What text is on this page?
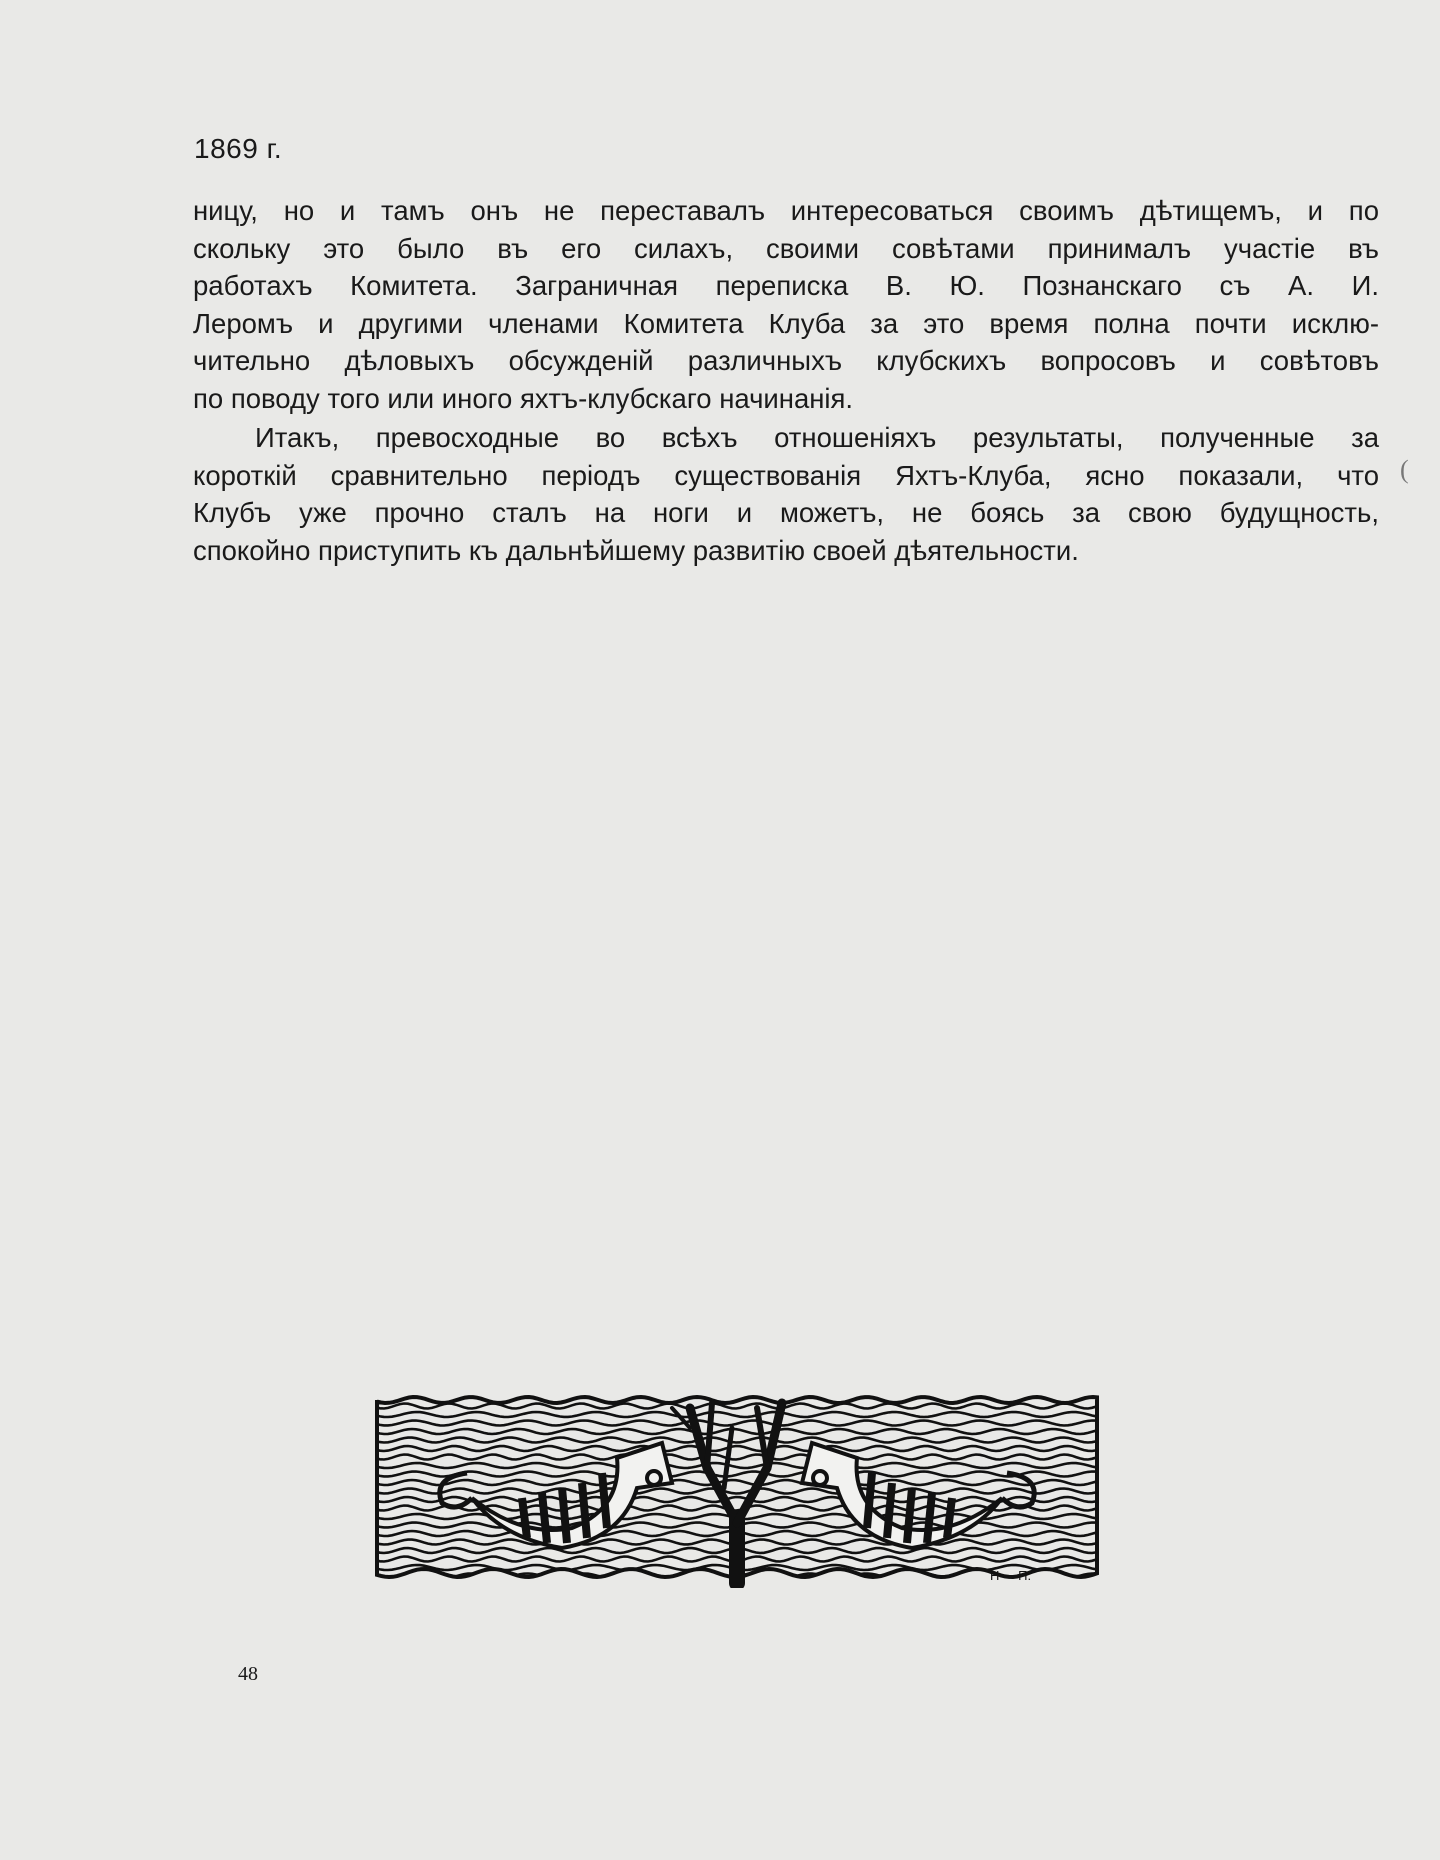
1869 г.
ницу, но и тамъ онъ не переставалъ интересоваться своимъ дѣтищемъ, и по
скольку это было въ его силахъ, своими совѣтами принималъ участіе въ
работахъ Комитета. Заграничная переписка В. Ю. Познанскаго съ А. И.
Леромъ и другими членами Комитета Клуба за это время полна почти исклю-
чительно дѣловыхъ обсужденій различныхъ клубскихъ вопросовъ и совѣтовъ
по поводу того или иного яхтъ-клубскаго начинанія.
Итакъ, превосходные во всѣхъ отношеніяхъ результаты, полученные за
короткій сравнительно періодъ существованія Яхтъ-Клуба, ясно показали, что
Клубъ уже прочно сталъ на ноги и можетъ, не боясь за свою будущность,
спокойно приступить къ дальнѣйшему развитію своей дѣятельности.
(
Н-    П.
48
